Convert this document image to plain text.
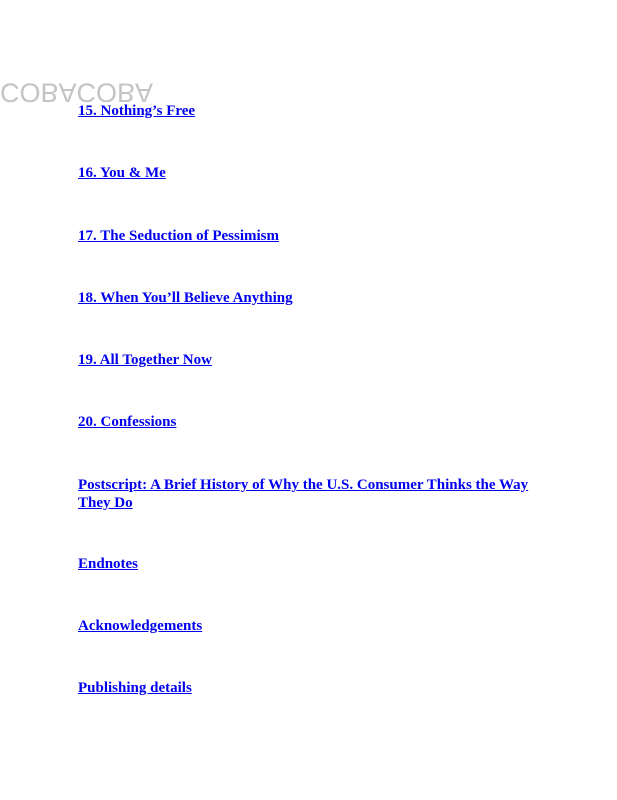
COBACOBA
15. Nothing’s Free
16. You & Me
17. The Seduction of Pessimism
18. When You’ll Believe Anything
19. All Together Now
20. Confessions
Postscript: A Brief History of Why the U.S. Consumer Thinks the Way They Do
Endnotes
Acknowledgements
Publishing details
